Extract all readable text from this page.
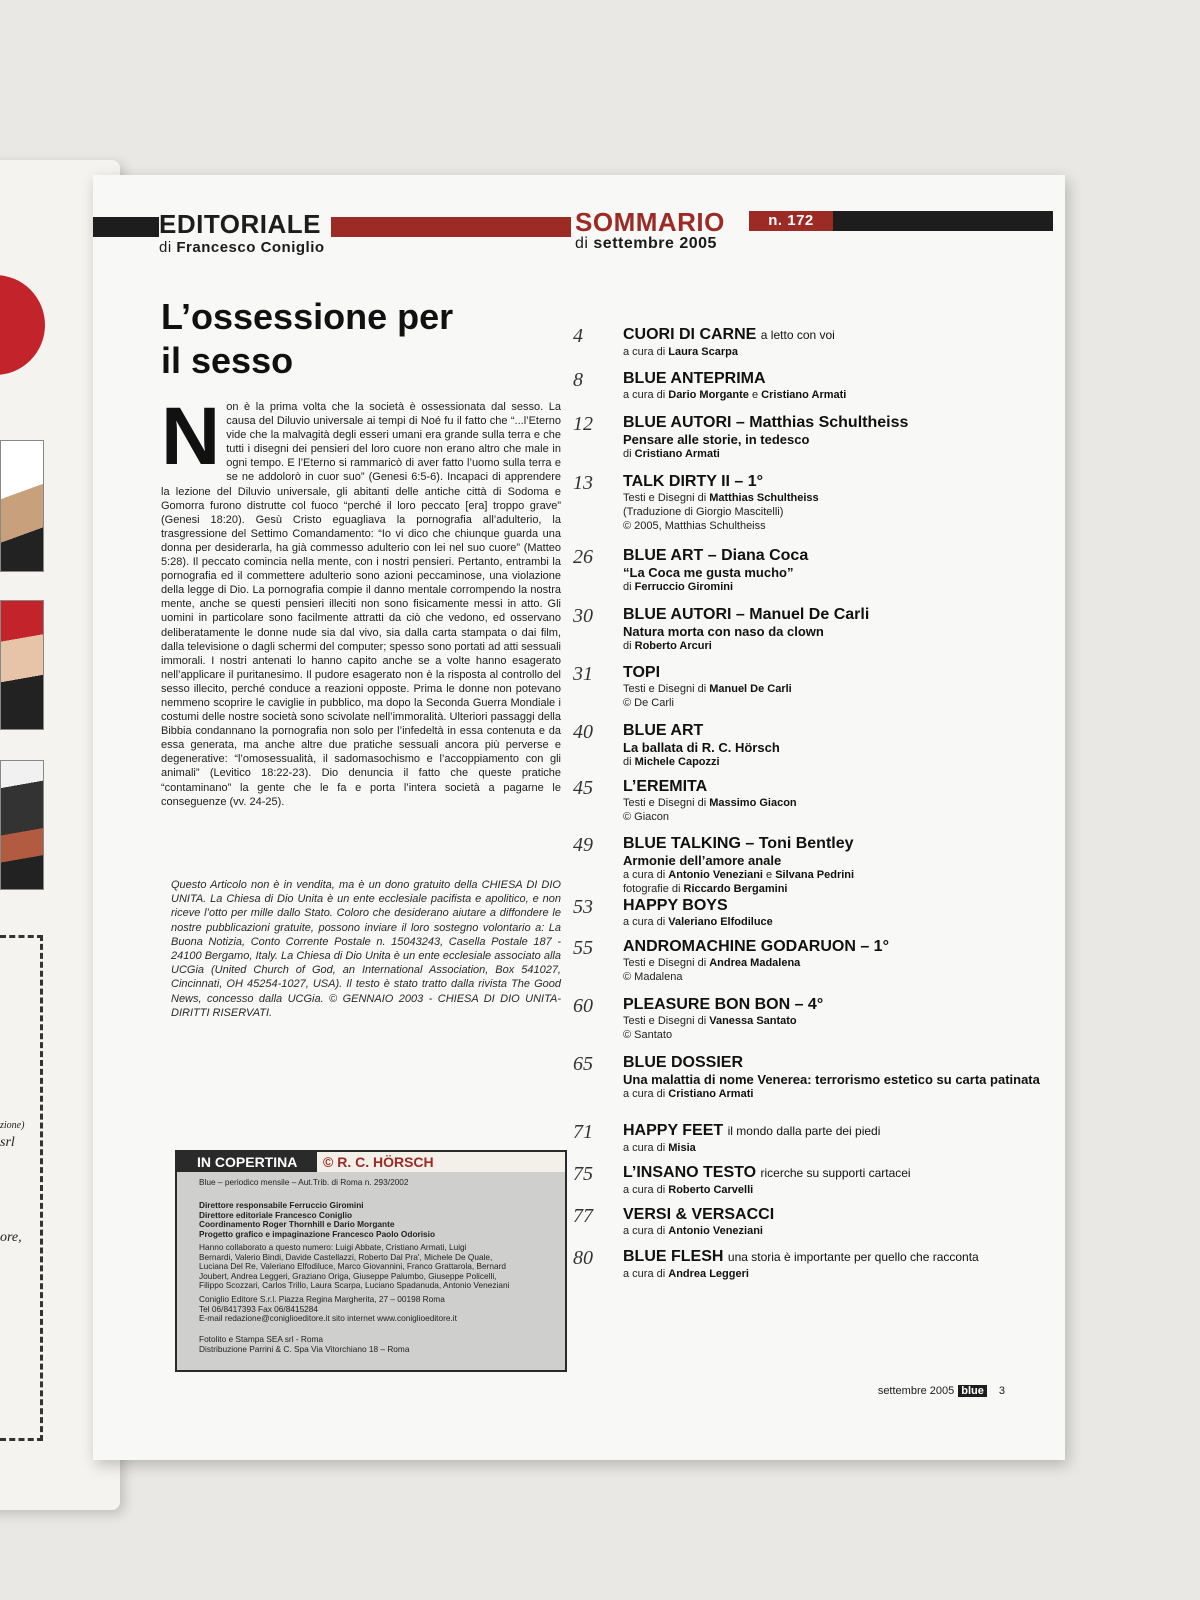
1
zione)
srl
ore,
EDITORIALE
di Francesco Coniglio
SOMMARIO	n. 172
di settembre 2005
L’ossessione per il sesso
N on è la prima volta che la società è ossessionata dal sesso. La causa del Diluvio universale ai tempi di Noé fu il fatto che “...l’Eterno vide che la malvagità degli esseri umani era grande sulla terra e che tutti i disegni dei pensieri del loro cuore non erano altro che male in ogni tempo. E l’Eterno si rammaricò di aver fatto l’uomo sulla terra e se ne addolorò in cuor suo” (Genesi 6:5-6). Incapaci di apprendere la lezione del Diluvio universale, gli abitanti delle antiche città di Sodoma e Gomorra furono distrutte col fuoco “perché il loro peccato [era] troppo grave” (Genesi 18:20). Gesù Cristo eguagliava la pornografia all’adulterio, la trasgressione del Settimo Comandamento: “Io vi dico che chiunque guarda una donna per desiderarla, ha già commesso adulterio con lei nel suo cuore” (Matteo 5:28). Il peccato comincia nella mente, con i nostri pensieri. Pertanto, entrambi la pornografia ed il commettere adulterio sono azioni peccaminose, una violazione della legge di Dio. La pornografia compie il danno mentale corrompendo la nostra mente, anche se questi pensieri illeciti non sono fisicamente messi in atto. Gli uomini in particolare sono facilmente attratti da ciò che vedono, ed osservano deliberatamente le donne nude sia dal vivo, sia dalla carta stampata o dai film, dalla televisione o dagli schermi del computer; spesso sono portati ad atti sessuali immorali. I nostri antenati lo hanno capito anche se a volte hanno esagerato nell’applicare il puritanesimo. Il pudore esagerato non è la risposta al controllo del sesso illecito, perché conduce a reazioni opposte. Prima le donne non potevano nemmeno scoprire le caviglie in pubblico, ma dopo la Seconda Guerra Mondiale i costumi delle nostre società sono scivolate nell’immoralità. Ulteriori passaggi della Bibbia condannano la pornografia non solo per l’infedeltà in essa contenuta e da essa generata, ma anche altre due pratiche sessuali ancora più perverse e degenerative: “l’omosessualità, il sadomasochismo e l’accoppiamento con gli animali” (Levitico 18:22-23). Dio denuncia il fatto che queste pratiche “contaminano” la gente che le fa e porta l’intera società a pagarne le conseguenze (vv. 24-25).
Questo Articolo non è in vendita, ma è un dono gratuito della CHIESA DI DIO UNITA. La Chiesa di Dio Unita è un ente ecclesiale pacifista e apolitico, e non riceve l’otto per mille dallo Stato. Coloro che desiderano aiutare a diffondere le nostre pubblicazioni gratuite, possono inviare il loro sostegno volontario a: La Buona Notizia, Conto Corrente Postale n. 15043243, Casella Postale 187 - 24100 Bergamo, Italy. La Chiesa di Dio Unita è un ente ecclesiale associato alla UCGia (United Church of God, an International Association, Box 541027, Cincinnati, OH 45254-1027, USA). Il testo è stato tratto dalla rivista The Good News, concesso dalla UCGia. © GENNAIO 2003 - CHIESA DI DIO UNITA- DIRITTI RISERVATI.
IN COPERTINA	© R. C. HÖRSCH
Blue – periodico mensile – Aut.Trib. di Roma n. 293/2002
Direttore responsabile Ferruccio Giromini
Direttore editoriale Francesco Coniglio
Coordinamento Roger Thornhill e Dario Morgante
Progetto grafico e impaginazione Francesco Paolo Odorisio
Hanno collaborato a questo numero: Luigi Abbate, Cristiano Armati, Luigi
Bernardi, Valerio Bindi, Davide Castellazzi, Roberto Dal Pra', Michele De Quale,
Luciana Del Re, Valeriano Elfodiluce, Marco Giovannini, Franco Grattarola, Bernard
Joubert, Andrea Leggeri, Graziano Origa, Giuseppe Palumbo, Giuseppe Policelli,
Filippo Scozzari, Carlos Trillo, Laura Scarpa, Luciano Spadanuda, Antonio Veneziani
Coniglio Editore S.r.l. Piazza Regina Margherita, 27 – 00198 Roma
Tel 06/8417393 Fax 06/8415284
E-mail redazione@coniglioeditore.it sito internet www.coniglioeditore.it
Fotolito e Stampa SEA srl - Roma
Distribuzione Parrini & C. Spa Via Vitorchiano 18 – Roma
4	CUORI DI CARNE a letto con voi
a cura di Laura Scarpa
8	BLUE ANTEPRIMA
a cura di Dario Morgante e Cristiano Armati
12	BLUE AUTORI – Matthias Schultheiss
Pensare alle storie, in tedesco
di Cristiano Armati
13	TALK DIRTY II – 1°
Testi e Disegni di Matthias Schultheiss
(Traduzione di Giorgio Mascitelli)
© 2005, Matthias Schultheiss
26	BLUE ART – Diana Coca
“La Coca me gusta mucho”
di Ferruccio Giromini
30	BLUE AUTORI – Manuel De Carli
Natura morta con naso da clown
di Roberto Arcuri
31	TOPI
Testi e Disegni di Manuel De Carli
© De Carli
40	BLUE ART
La ballata di R. C. Hörsch
di Michele Capozzi
45	L’EREMITA
Testi e Disegni di Massimo Giacon
© Giacon
49	BLUE TALKING – Toni Bentley
Armonie dell’amore anale
a cura di Antonio Veneziani e Silvana Pedrini
fotografie di Riccardo Bergamini
53	HAPPY BOYS
a cura di Valeriano Elfodiluce
55	ANDROMACHINE GODARUON – 1°
Testi e Disegni di Andrea Madalena
© Madalena
60	PLEASURE BON BON – 4°
Testi e Disegni di Vanessa Santato
© Santato
65	BLUE DOSSIER
Una malattia di nome Venerea: terrorismo estetico su carta patinata
a cura di Cristiano Armati
71	HAPPY FEET il mondo dalla parte dei piedi
a cura di Misia
75	L’INSANO TESTO ricerche su supporti cartacei
a cura di Roberto Carvelli
77	VERSI & VERSACCI
a cura di Antonio Veneziani
80	BLUE FLESH una storia è importante per quello che racconta
a cura di Andrea Leggeri
settembre 2005 blue 3
